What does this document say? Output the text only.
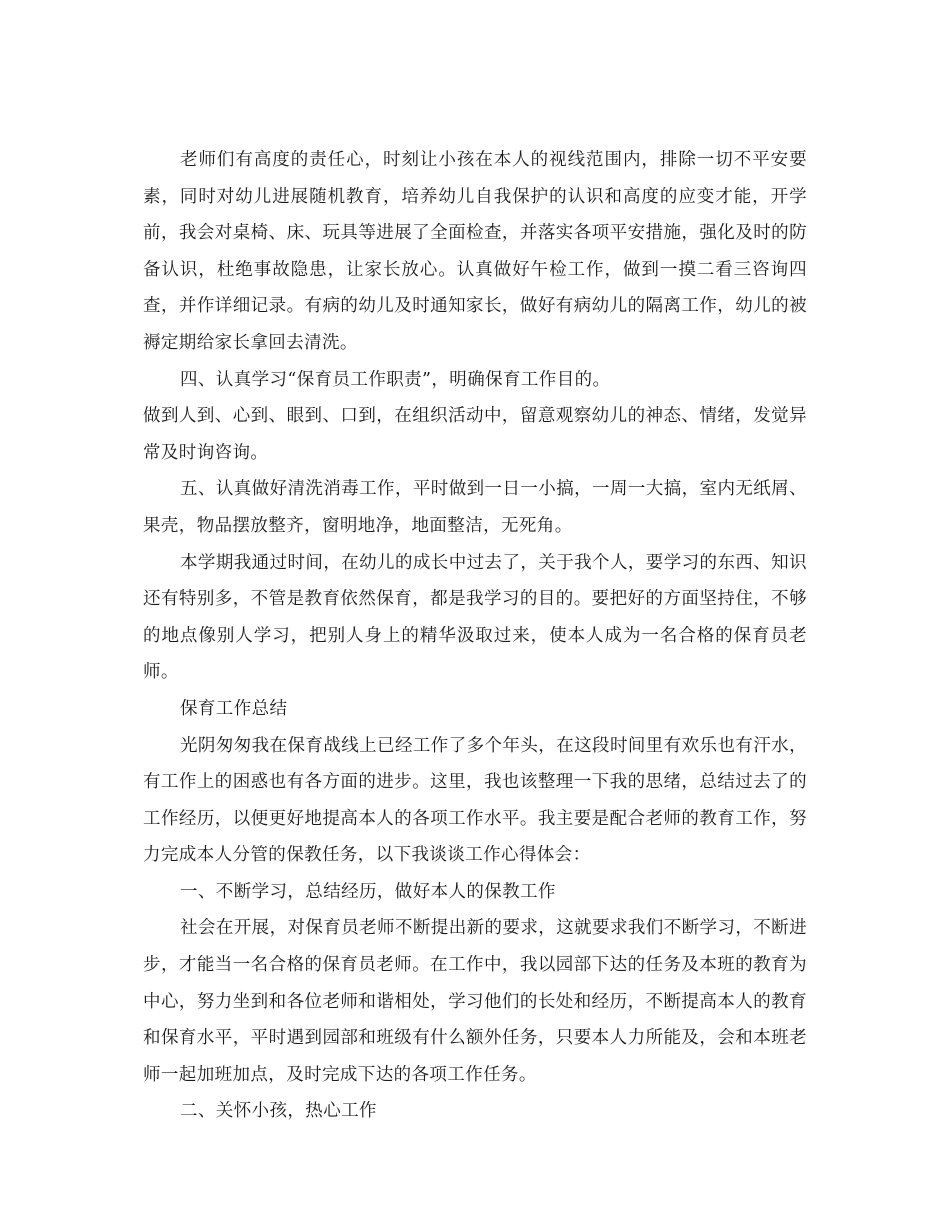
老师们有高度的责任心，时刻让小孩在本人的视线范围内，排除一切不平安要素，同时对幼儿进展随机教育，培养幼儿自我保护的认识和高度的应变才能，开学前，我会对桌椅、床、玩具等进展了全面检查，并落实各项平安措施，强化及时的防备认识，杜绝事故隐患，让家长放心。认真做好午检工作，做到一摸二看三咨询四查，并作详细记录。有病的幼儿及时通知家长，做好有病幼儿的隔离工作，幼儿的被褥定期给家长拿回去清洗。

四、认真学习“保育员工作职责”，明确保育工作目的。

做到人到、心到、眼到、口到，在组织活动中，留意观察幼儿的神态、情绪，发觉异常及时询咨询。

五、认真做好清洗消毒工作，平时做到一日一小搞，一周一大搞，室内无纸屑、果壳，物品摆放整齐，窗明地净，地面整洁，无死角。

本学期我通过时间，在幼儿的成长中过去了，关于我个人，要学习的东西、知识还有特别多，不管是教育依然保育，都是我学习的目的。要把好的方面坚持住，不够的地点像别人学习，把别人身上的精华汲取过来，使本人成为一名合格的保育员老师。

保育工作总结

光阴匆匆我在保育战线上已经工作了多个年头，在这段时间里有欢乐也有汗水，有工作上的困惑也有各方面的进步。这里，我也该整理一下我的思绪，总结过去了的工作经历，以便更好地提高本人的各项工作水平。我主要是配合老师的教育工作，努力完成本人分管的保教任务，以下我谈谈工作心得体会：

一、不断学习，总结经历，做好本人的保教工作

社会在开展，对保育员老师不断提出新的要求，这就要求我们不断学习，不断进步，才能当一名合格的保育员老师。在工作中，我以园部下达的任务及本班的教育为中心，努力坐到和各位老师和谐相处，学习他们的长处和经历，不断提高本人的教育和保育水平，平时遇到园部和班级有什么额外任务，只要本人力所能及，会和本班老师一起加班加点，及时完成下达的各项工作任务。

二、关怀小孩，热心工作
